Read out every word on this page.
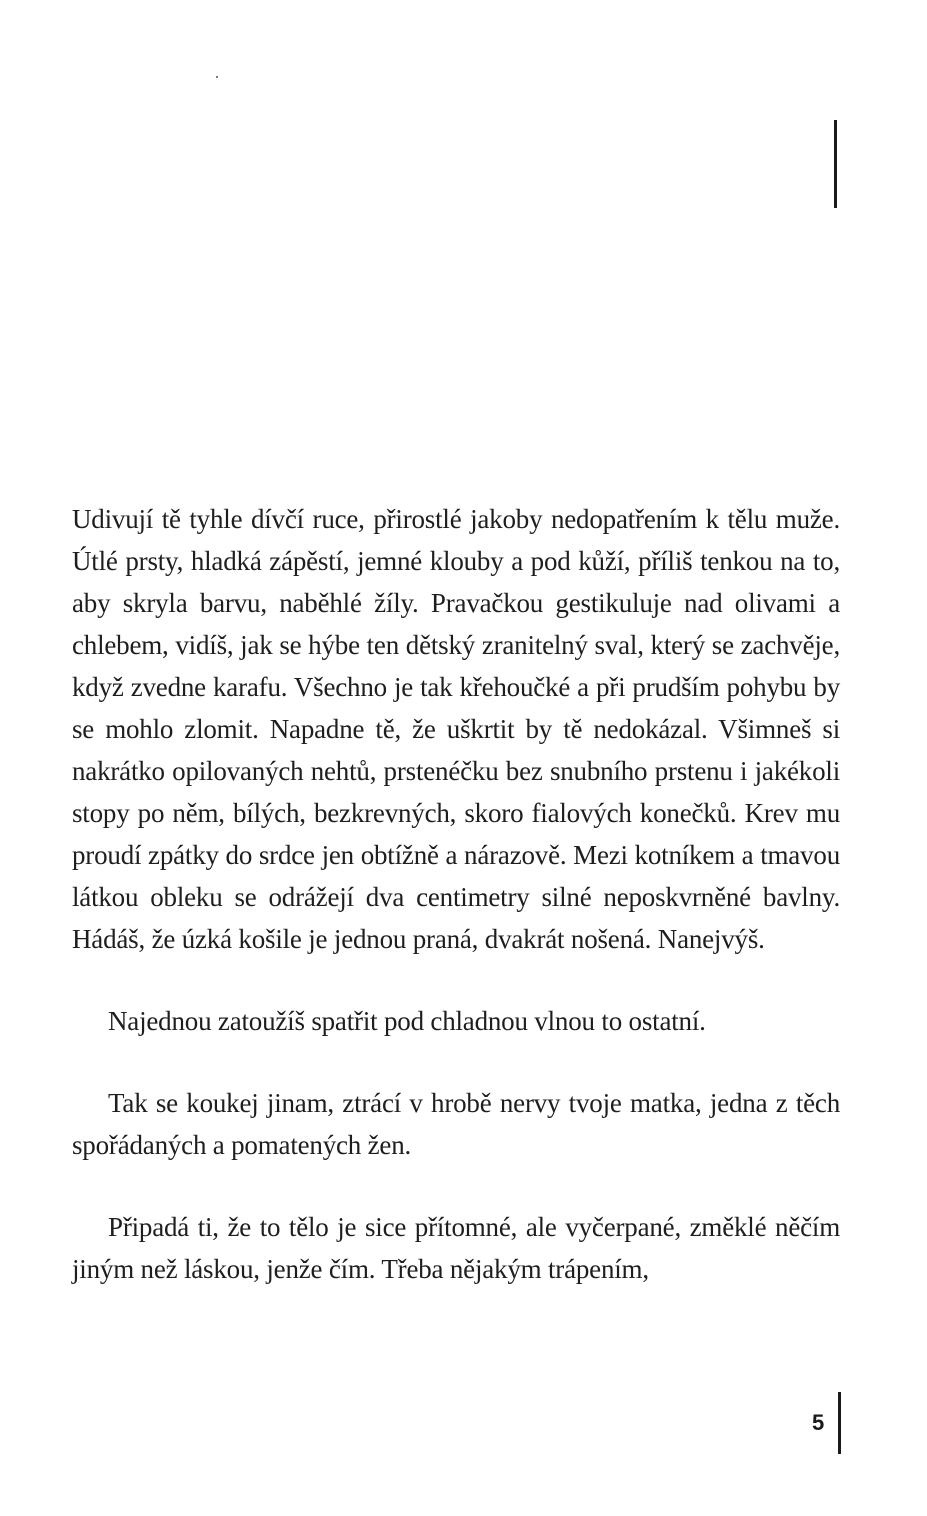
Udivují tě tyhle dívčí ruce, přirostlé jakoby nedopatřením k tělu muže. Útlé prsty, hladká zápěstí, jemné klouby a pod kůží, příliš tenkou na to, aby skryla barvu, naběhlé žíly. Pravačkou gestikuluje nad olivami a chlebem, vidíš, jak se hýbe ten dětský zranitelný sval, který se zachvěje, když zvedne karafu. Všechno je tak křehoučké a při prudším pohybu by se mohlo zlomit. Napadne tě, že uškrtit by tě nedokázal. Všimneš si nakrátko opilovaných nehtů, prstenéčku bez snubního prstenu i jakékoli stopy po něm, bílých, bezkrevných, skoro fialových konečků. Krev mu proudí zpátky do srdce jen obtížně a nárazově. Mezi kotníkem a tmavou látkou obleku se odrážejí dva centimetry silné neposkvrněné bavlny. Hádáš, že úzká košile je jednou praná, dvakrát nošená. Nanejvýš.

Najednou zatoužíš spatřit pod chladnou vlnou to ostatní.

Tak se koukej jinam, ztrácí v hrobě nervy tvoje matka, jedna z těch spořádaných a pomatených žen.

Připadá ti, že to tělo je sice přítomné, ale vyčerpané, změklé něčím jiným než láskou, jenže čím. Třeba nějakým trápením,

5
